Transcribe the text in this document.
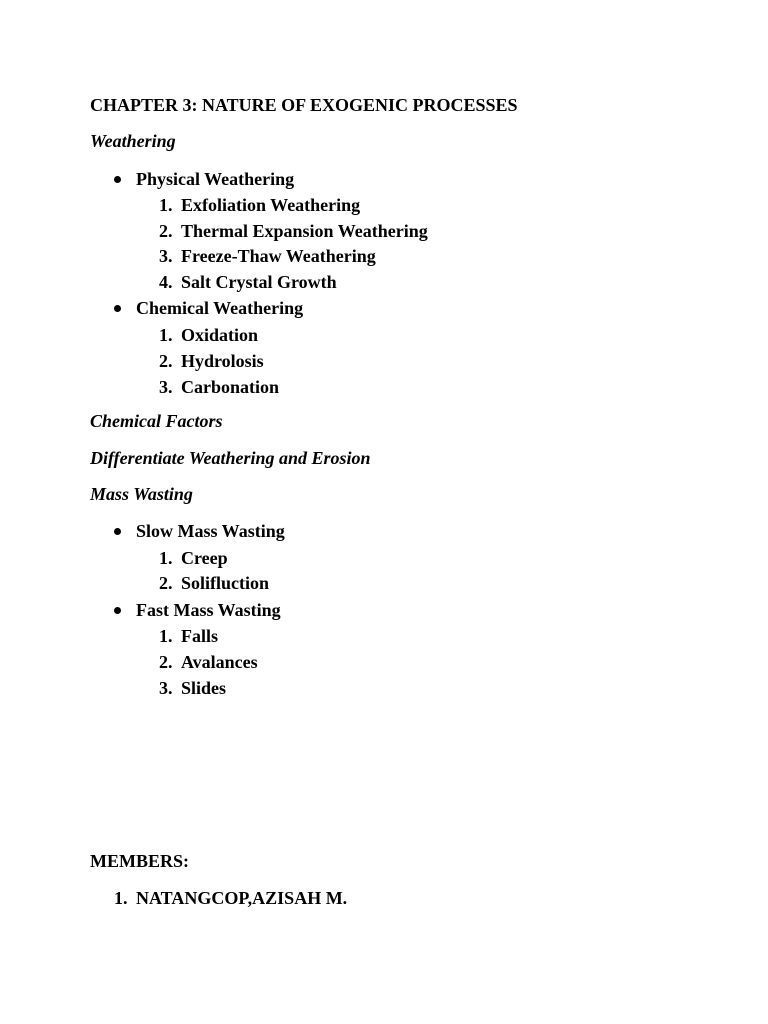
CHAPTER 3: NATURE OF EXOGENIC PROCESSES
Weathering
Physical Weathering
1. Exfoliation Weathering
2. Thermal Expansion Weathering
3. Freeze-Thaw Weathering
4. Salt Crystal Growth
Chemical Weathering
1. Oxidation
2. Hydrolosis
3. Carbonation
Chemical Factors
Differentiate Weathering and Erosion
Mass Wasting
Slow Mass Wasting
1. Creep
2. Solifluction
Fast Mass Wasting
1. Falls
2. Avalances
3. Slides
MEMBERS:
1. NATANGCOP,AZISAH M.
